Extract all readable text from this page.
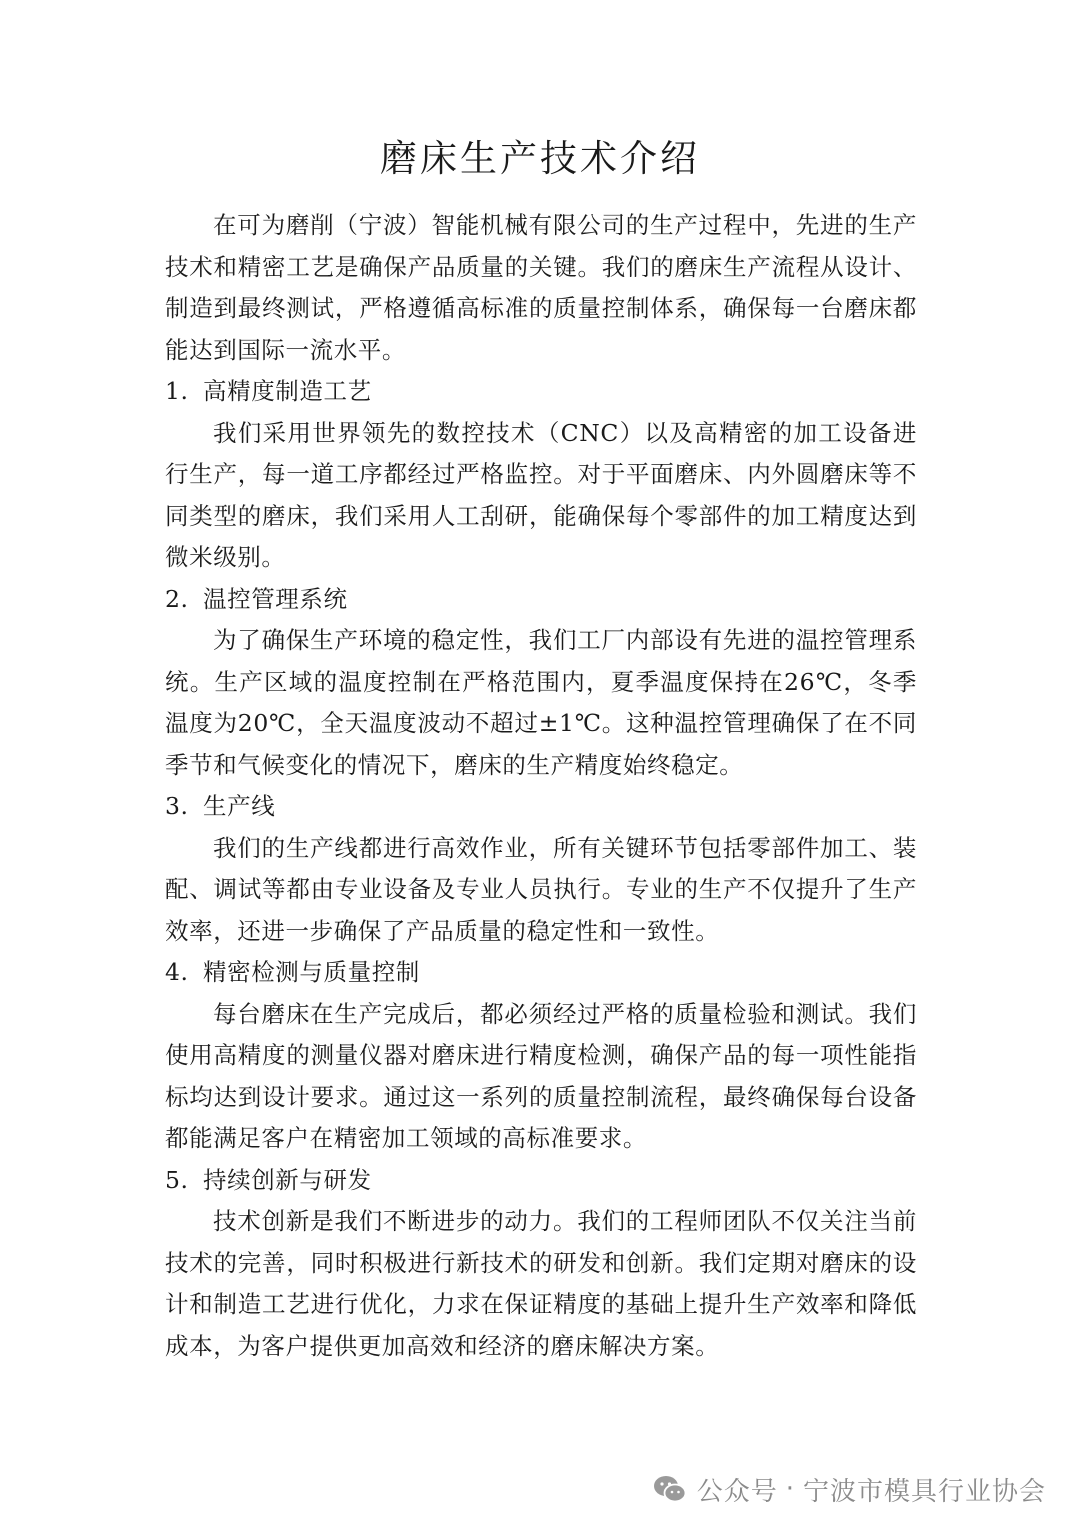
磨床生产技术介绍

在可为磨削（宁波）智能机械有限公司的生产过程中，先进的生产技术和精密工艺是确保产品质量的关键。我们的磨床生产流程从设计、制造到最终测试，严格遵循高标准的质量控制体系，确保每一台磨床都能达到国际一流水平。

1. 高精度制造工艺

我们采用世界领先的数控技术（CNC）以及高精密的加工设备进行生产，每一道工序都经过严格监控。对于平面磨床、内外圆磨床等不同类型的磨床，我们采用人工刮研，能确保每个零部件的加工精度达到微米级别。

2. 温控管理系统

为了确保生产环境的稳定性，我们工厂内部设有先进的温控管理系统。生产区域的温度控制在严格范围内，夏季温度保持在26℃，冬季温度为20℃，全天温度波动不超过±1℃。这种温控管理确保了在不同季节和气候变化的情况下，磨床的生产精度始终稳定。

3. 生产线

我们的生产线都进行高效作业，所有关键环节包括零部件加工、装配、调试等都由专业设备及专业人员执行。专业的生产不仅提升了生产效率，还进一步确保了产品质量的稳定性和一致性。

4. 精密检测与质量控制

每台磨床在生产完成后，都必须经过严格的质量检验和测试。我们使用高精度的测量仪器对磨床进行精度检测，确保产品的每一项性能指标均达到设计要求。通过这一系列的质量控制流程，最终确保每台设备都能满足客户在精密加工领域的高标准要求。

5. 持续创新与研发

技术创新是我们不断进步的动力。我们的工程师团队不仅关注当前技术的完善，同时积极进行新技术的研发和创新。我们定期对磨床的设计和制造工艺进行优化，力求在保证精度的基础上提升生产效率和降低成本，为客户提供更加高效和经济的磨床解决方案。

公众号 · 宁波市模具行业协会
